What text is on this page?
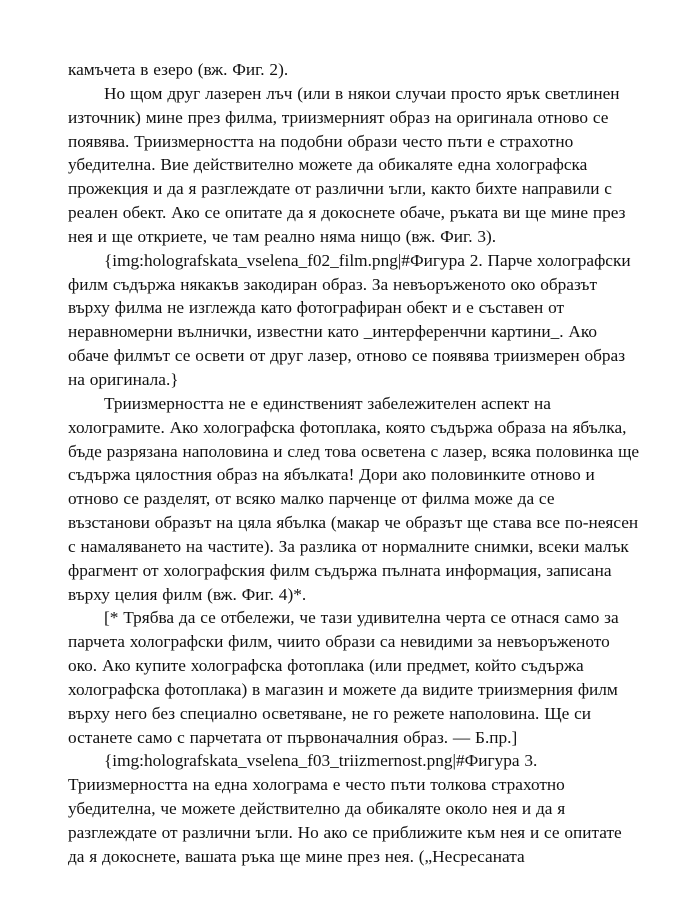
камъчета в езеро (вж. Фиг. 2).

Но щом друг лазерен лъч (или в някои случаи просто ярък светлинен източник) мине през филма, триизмерният образ на оригинала отново се появява. Триизмерността на подобни образи често пъти е страхотно убедителна. Вие действително можете да обикаляте една холографска прожекция и да я разглеждате от различни ъгли, както бихте направили с реален обект. Ако се опитате да я докоснете обаче, ръката ви ще мине през нея и ще откриете, че там реално няма нищо (вж. Фиг. 3).

{img:holografskata_vselena_f02_film.png|#Фигура 2. Парче холографски филм съдържа някакъв закодиран образ. За невъоръженото око образът върху филма не изглежда като фотографиран обект и е съставен от неравномерни вълнички, известни като _интерференчни картини_. Ако обаче филмът се освети от друг лазер, отново се появява триизмерен образ на оригинала.}

Триизмерността не е единственият забележителен аспект на холограмите. Ако холографска фотоплака, която съдържа образа на ябълка, бъде разрязана наполовина и след това осветена с лазер, всяка половинка ще съдържа цялостния образ на ябълката! Дори ако половинките отново и отново се разделят, от всяко малко парченце от филма може да се възстанови образът на цяла ябълка (макар че образът ще става все по-неясен с намаляването на частите). За разлика от нормалните снимки, всеки малък фрагмент от холографския филм съдържа пълната информация, записана върху целия филм (вж. Фиг. 4)*.

[* Трябва да се отбележи, че тази удивителна черта се отнася само за парчета холографски филм, чиито образи са невидими за невъоръженото око. Ако купите холографска фотоплака (или предмет, който съдържа холографска фотоплака) в магазин и можете да видите триизмерния филм върху него без специално осветяване, не го режете наполовина. Ще си останете само с парчетата от първоначалния образ. — Б.пр.]

{img:holografskata_vselena_f03_triizmernost.png|#Фигура 3. Триизмерността на една холограма е често пъти толкова страхотно убедителна, че можете действително да обикаляте около нея и да я разглеждате от различни ъгли. Но ако се приближите към нея и се опитате да я докоснете, вашата ръка ще мине през нея. („Несресаната
